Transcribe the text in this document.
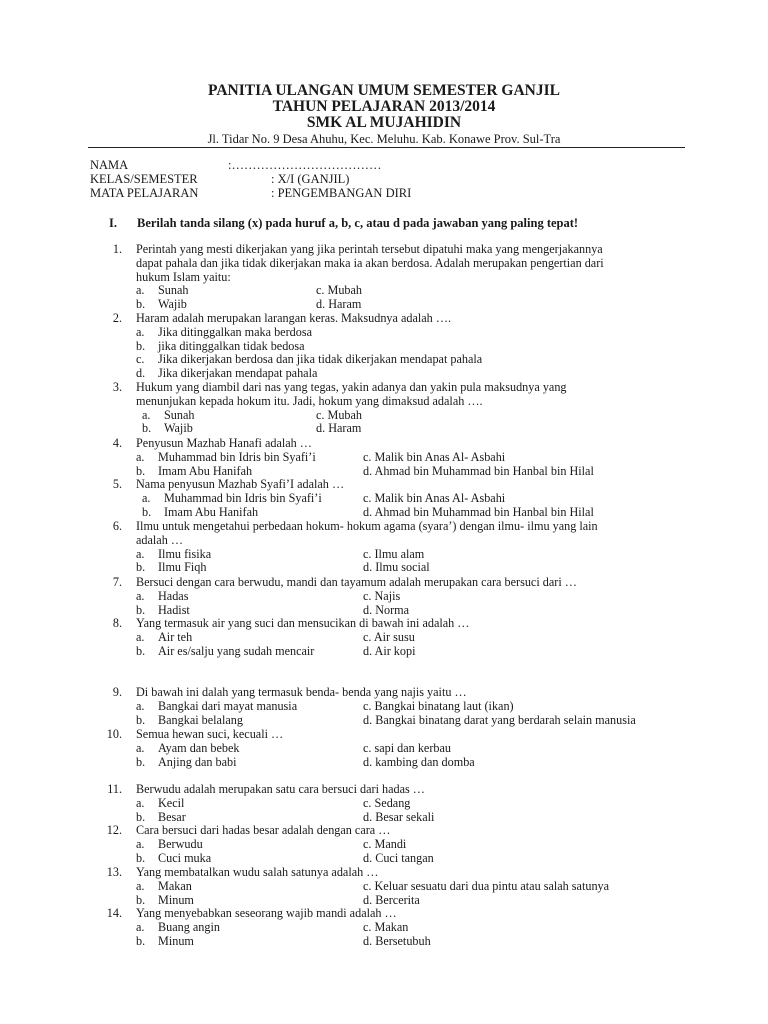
PANITIA ULANGAN UMUM SEMESTER GANJIL
TAHUN PELAJARAN 2013/2014
SMK AL MUJAHIDIN
Jl. Tidar No. 9 Desa Ahuhu, Kec. Meluhu. Kab. Konawe Prov. Sul-Tra
NAMA	:………………………………
KELAS/SEMESTER	: X/I (GANJIL)
MATA PELAJARAN	: PENGEMBANGAN DIRI
I. Berilah tanda silang (x) pada huruf a, b, c, atau d pada jawaban yang paling tepat!
1. Perintah yang mesti dikerjakan yang jika perintah tersebut dipatuhi maka yang mengerjakannya
dapat pahala dan jika tidak dikerjakan maka ia akan berdosa. Adalah merupakan pengertian dari
hukum Islam yaitu:
a. Sunah	c. Mubah
b. Wajib	d. Haram
2. Haram adalah merupakan larangan keras. Maksudnya adalah ….
a. Jika ditinggalkan maka berdosa
b. jika ditinggalkan tidak bedosa
c. Jika dikerjakan berdosa dan jika tidak dikerjakan mendapat pahala
d. Jika dikerjakan mendapat pahala
3. Hukum yang diambil dari nas yang tegas, yakin adanya dan yakin pula maksudnya yang
menunjukan kepada hokum itu. Jadi, hokum yang dimaksud adalah ….
a. Sunah	c. Mubah
b. Wajib	d. Haram
4. Penyusun Mazhab Hanafi adalah …
a. Muhammad bin Idris bin Syafi’i	c. Malik bin Anas Al- Asbahi
b. Imam Abu Hanifah	d. Ahmad bin Muhammad bin Hanbal bin Hilal
5. Nama penyusun Mazhab Syafi’I adalah …
a. Muhammad bin Idris bin Syafi’i	c. Malik bin Anas Al- Asbahi
b. Imam Abu Hanifah	d. Ahmad bin Muhammad bin Hanbal bin Hilal
6. Ilmu untuk mengetahui perbedaan hokum- hokum agama (syara’) dengan ilmu- ilmu yang lain
adalah …
a. Ilmu fisika	c. Ilmu alam
b. Ilmu Fiqh	d. Ilmu social
7. Bersuci dengan cara berwudu, mandi dan tayamum adalah merupakan cara bersuci dari …
a. Hadas	c. Najis
b. Hadist	d. Norma
8. Yang termasuk air yang suci dan mensucikan di bawah ini adalah …
a. Air teh	c. Air susu
b. Air es/salju yang sudah mencair	d. Air kopi
9. Di bawah ini dalah yang termasuk benda- benda yang najis yaitu …
a. Bangkai dari mayat manusia	c. Bangkai binatang laut (ikan)
b. Bangkai belalang	d. Bangkai binatang darat yang berdarah selain manusia
10. Semua hewan suci, kecuali …
a. Ayam dan bebek	c. sapi dan kerbau
b. Anjing dan babi	d. kambing dan domba
11. Berwudu adalah merupakan satu cara bersuci dari hadas …
a. Kecil	c. Sedang
b. Besar	d. Besar sekali
12. Cara bersuci dari hadas besar adalah dengan cara …
a. Berwudu	c. Mandi
b. Cuci muka	d. Cuci tangan
13. Yang membatalkan wudu salah satunya adalah …
a. Makan	c. Keluar sesuatu dari dua pintu atau salah satunya
b. Minum	d. Bercerita
14. Yang menyebabkan seseorang wajib mandi adalah …
a. Buang angin	c. Makan
b. Minum	d. Bersetubuh
